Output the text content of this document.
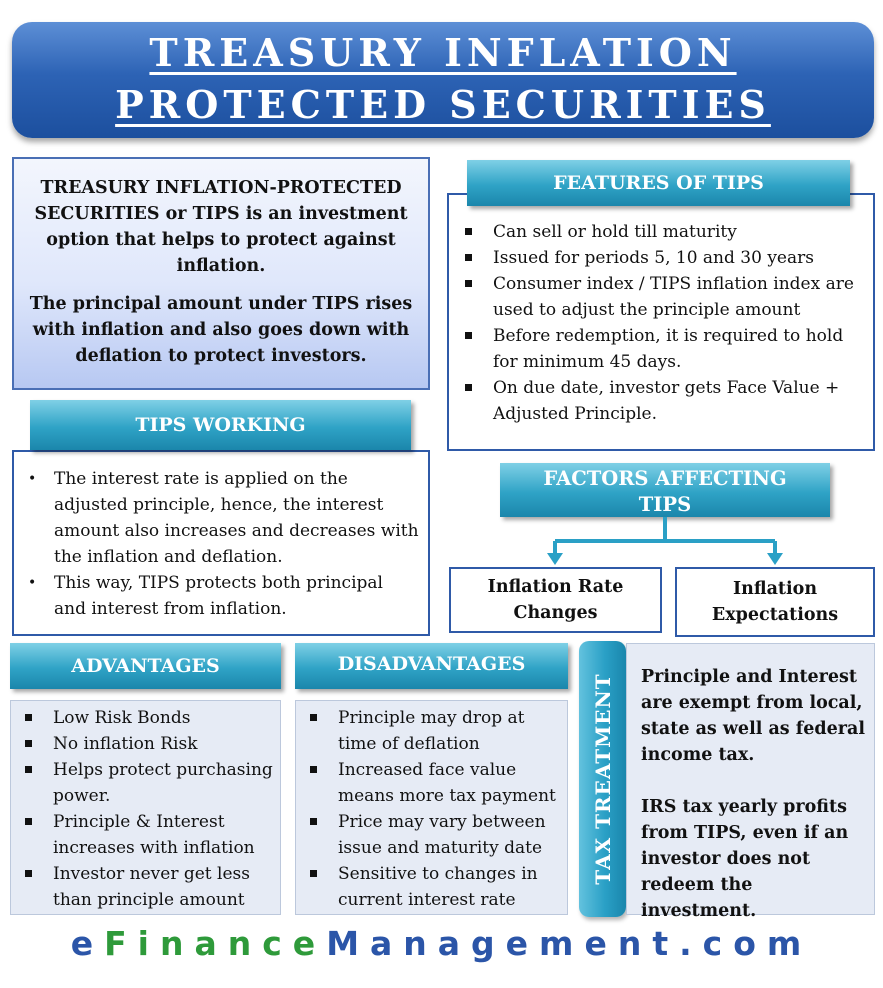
TREASURY INFLATION
PROTECTED SECURITIES

TREASURY INFLATION-PROTECTED SECURITIES or TIPS is an investment option that helps to protect against inflation.

The principal amount under TIPS rises with inflation and also goes down with deflation to protect investors.

Can sell or hold till maturity
Issued for periods 5, 10 and 30 years
Consumer index / TIPS inflation index are used to adjust the principle amount
Before redemption, it is required to hold for minimum 45 days.
On due date, investor gets Face Value + Adjusted Principle.
FEATURES OF TIPS
• The interest rate is applied on the adjusted principle, hence, the interest amount also increases and decreases with the inflation and deflation.
• This way, TIPS protects both principal and interest from inflation.
TIPS WORKING
FACTORS AFFECTING
TIPS
Inflation Rate
Changes
Inflation
Expectations
ADVANTAGES
Low Risk Bonds
No inflation Risk
Helps protect purchasing power.
Principle & Interest increases with inflation
Investor never get less than principle amount
DISADVANTAGES
Principle may drop at time of deflation
Increased face value means more tax payment
Price may vary between issue and maturity date
Sensitive to changes in current interest rate
TAX TREATMENT Principle and Interest are exempt from local, state as well as federal income tax.

IRS tax yearly profits from TIPS, even if an investor does not redeem the investment.

eFinanceManagement.com
